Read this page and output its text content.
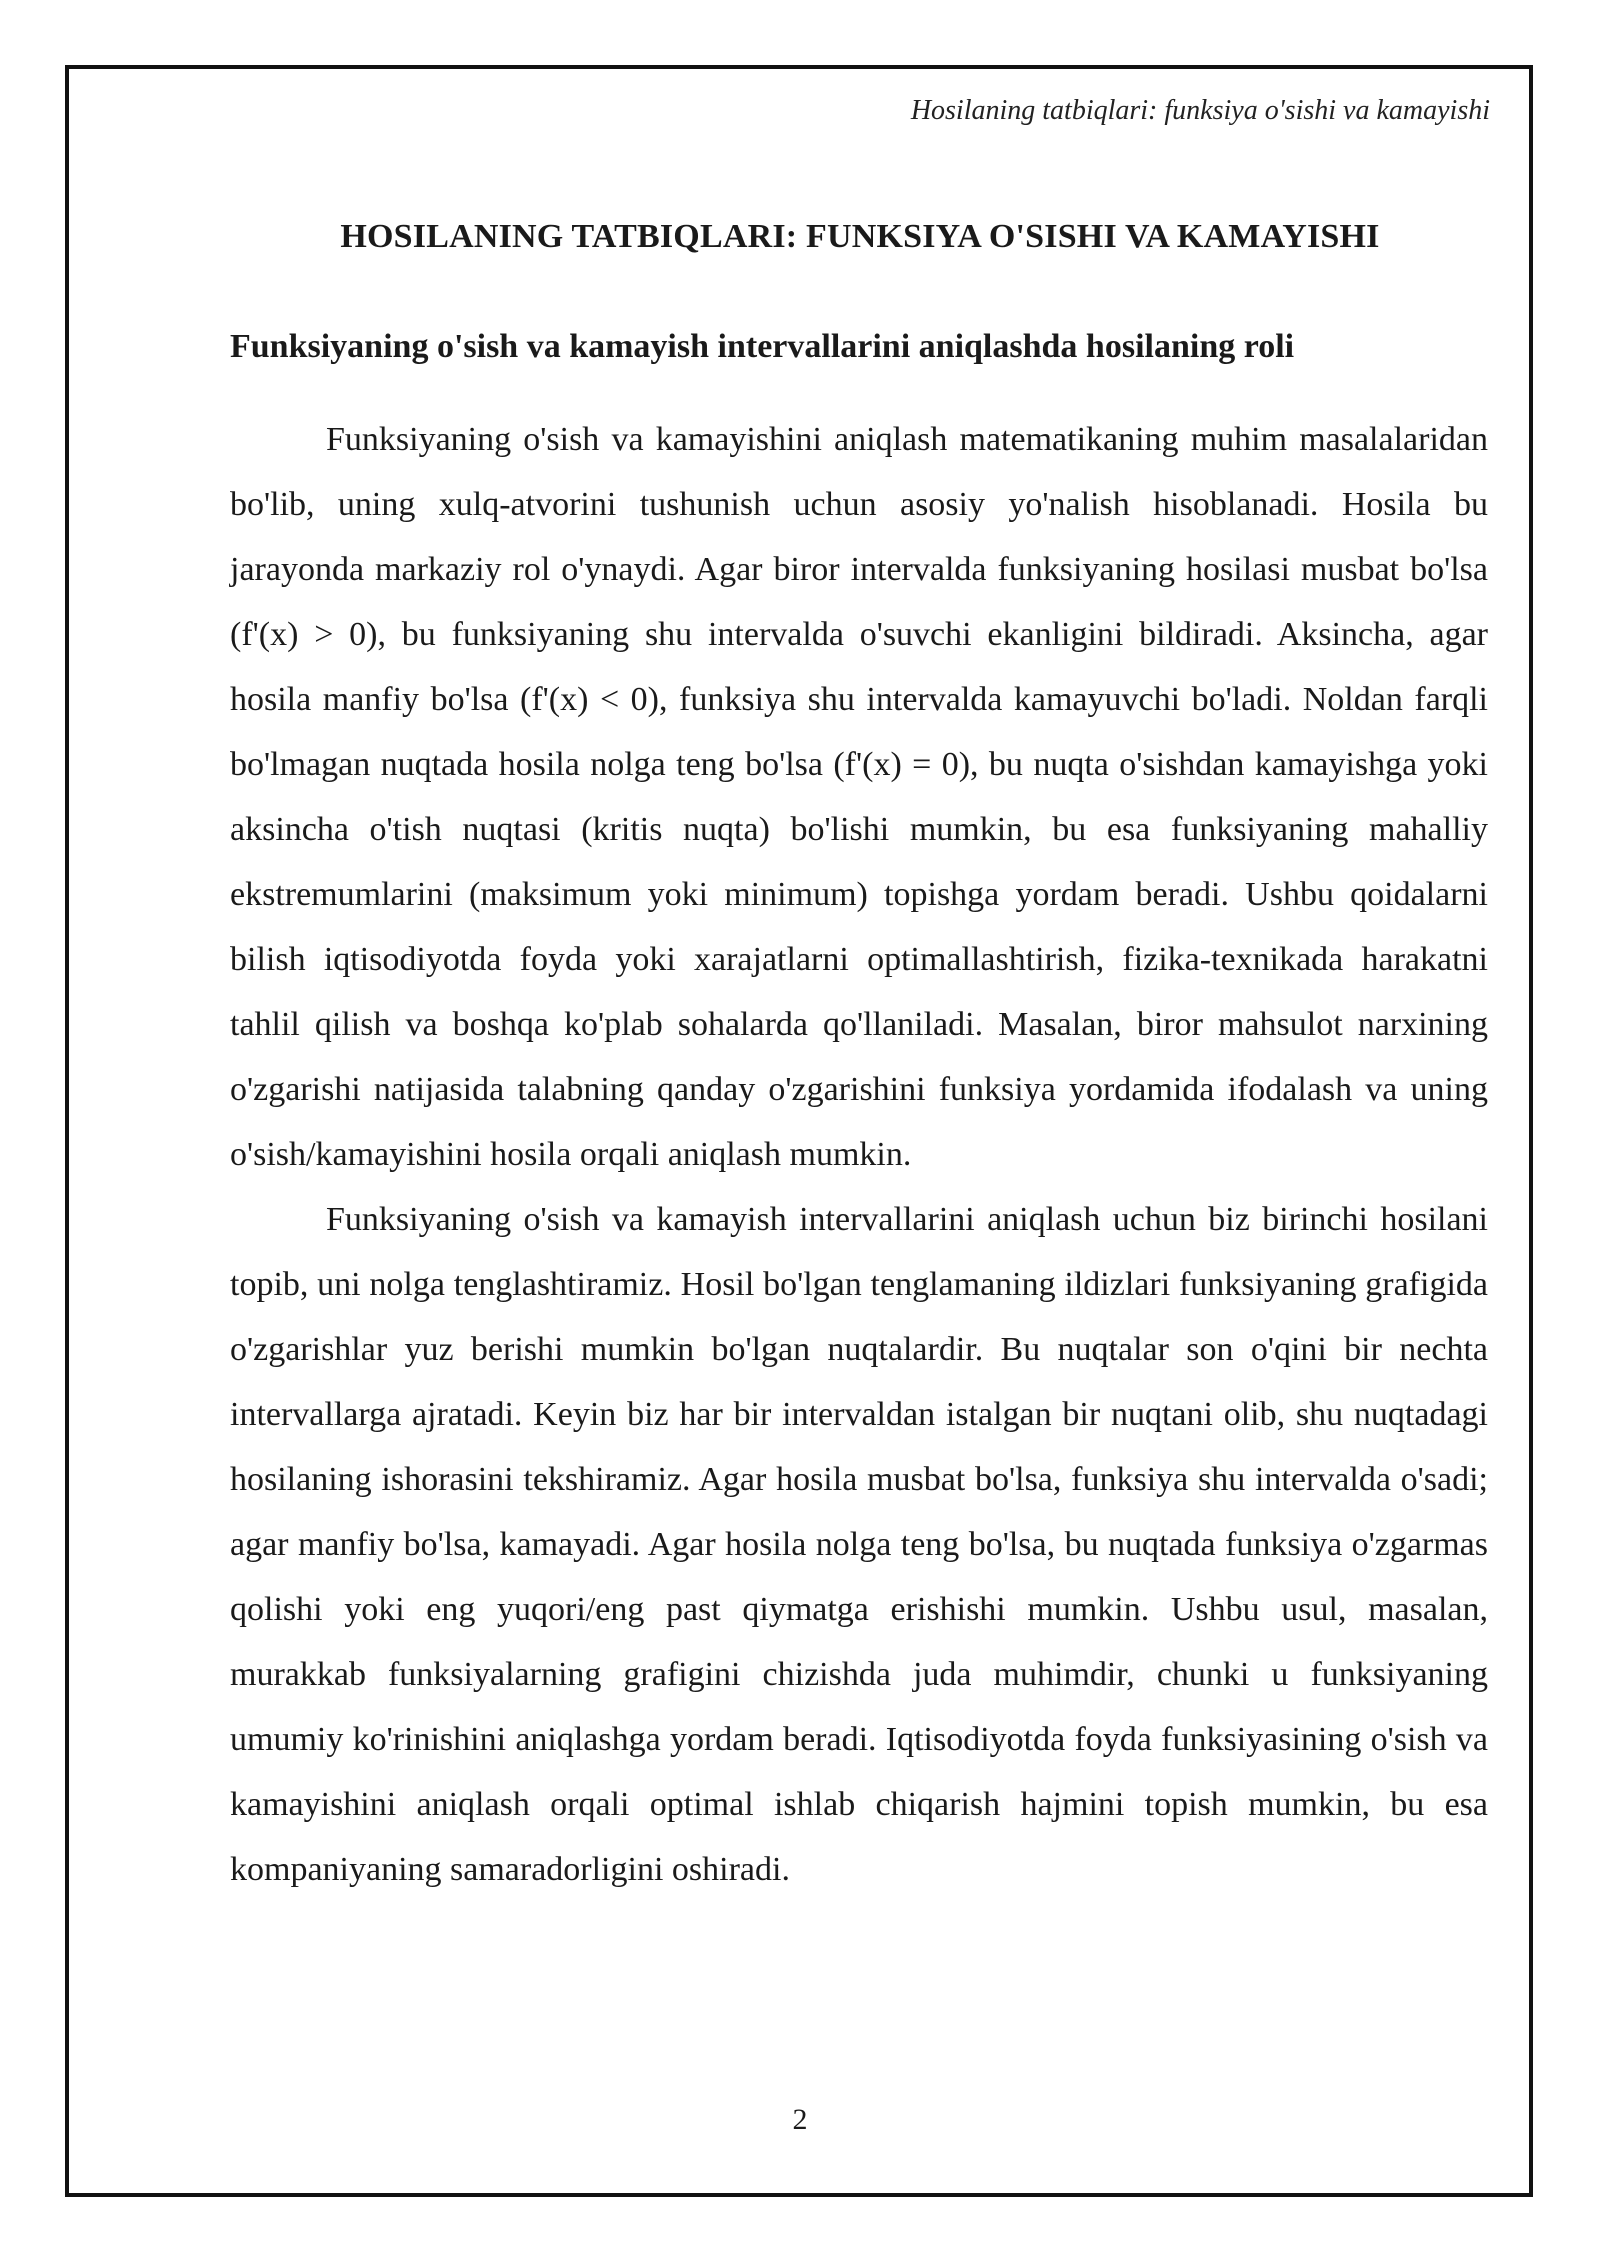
Hosilaning tatbiqlari: funksiya o'sishi va kamayishi
HOSILANING TATBIQLARI: FUNKSIYA O'SISHI VA KAMAYISHI
Funksiyaning o'sish va kamayish intervallarini aniqlashda hosilaning roli

Funksiyaning o'sish va kamayishini aniqlash matematikaning muhim masalalaridan bo'lib, uning xulq-atvorini tushunish uchun asosiy yo'nalish hisoblanadi. Hosila bu jarayonda markaziy rol o'ynaydi. Agar biror intervalda funksiyaning hosilasi musbat bo'lsa (f'(x) > 0), bu funksiyaning shu intervalda o'suvchi ekanligini bildiradi. Aksincha, agar hosila manfiy bo'lsa (f'(x) < 0), funksiya shu intervalda kamayuvchi bo'ladi. Noldan farqli bo'lmagan nuqtada hosila nolga teng bo'lsa (f'(x) = 0), bu nuqta o'sishdan kamayishga yoki aksincha o'tish nuqtasi (kritis nuqta) bo'lishi mumkin, bu esa funksiyaning mahalliy ekstremumlarini (maksimum yoki minimum) topishga yordam beradi. Ushbu qoidalarni bilish iqtisodiyotda foyda yoki xarajatlarni optimallashtirish, fizika-texnikada harakatni tahlil qilish va boshqa ko'plab sohalarda qo'llaniladi. Masalan, biror mahsulot narxining o'zgarishi natijasida talabning qanday o'zgarishini funksiya yordamida ifodalash va uning o'sish/kamayishini hosila orqali aniqlash mumkin.

Funksiyaning o'sish va kamayish intervallarini aniqlash uchun biz birinchi hosilani topib, uni nolga tenglashtiramiz. Hosil bo'lgan tenglamaning ildizlari funksiyaning grafigida o'zgarishlar yuz berishi mumkin bo'lgan nuqtalardir. Bu nuqtalar son o'qini bir nechta intervallarga ajratadi. Keyin biz har bir intervaldan istalgan bir nuqtani olib, shu nuqtadagi hosilaning ishorasini tekshiramiz. Agar hosila musbat bo'lsa, funksiya shu intervalda o'sadi; agar manfiy bo'lsa, kamayadi. Agar hosila nolga teng bo'lsa, bu nuqtada funksiya o'zgarmas qolishi yoki eng yuqori/eng past qiymatga erishishi mumkin. Ushbu usul, masalan, murakkab funksiyalarning grafigini chizishda juda muhimdir, chunki u funksiyaning umumiy ko'rinishini aniqlashga yordam beradi. Iqtisodiyotda foyda funksiyasining o'sish va kamayishini aniqlash orqali optimal ishlab chiqarish hajmini topish mumkin, bu esa kompaniyaning samaradorligini oshiradi.

2
